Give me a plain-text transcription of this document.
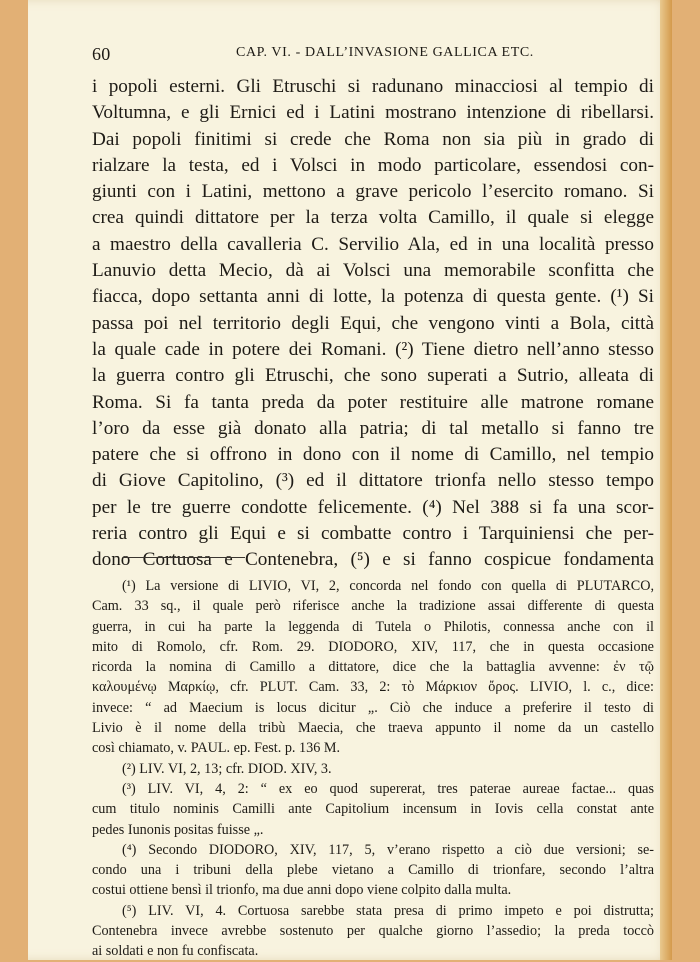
60	CAP. VI. - DALL’INVASIONE GALLICA ETC.
i popoli esterni. Gli Etruschi si radunano minacciosi al tempio di
Voltumna, e gli Ernici ed i Latini mostrano intenzione di ribellarsi.
Dai popoli finitimi si crede che Roma non sia più in grado di
rialzare la testa, ed i Volsci in modo particolare, essendosi con-
giunti con i Latini, mettono a grave pericolo l’esercito romano. Si
crea quindi dittatore per la terza volta Camillo, il quale si elegge
a maestro della cavalleria C. Servilio Ala, ed in una località presso
Lanuvio detta Mecio, dà ai Volsci una memorabile sconfitta che
fiacca, dopo settanta anni di lotte, la potenza di questa gente. (¹) Si
passa poi nel territorio degli Equi, che vengono vinti a Bola, città
la quale cade in potere dei Romani. (²) Tiene dietro nell’anno stesso
la guerra contro gli Etruschi, che sono superati a Sutrio, alleata di
Roma. Si fa tanta preda da poter restituire alle matrone romane
l’oro da esse già donato alla patria; di tal metallo si fanno tre
patere che si offrono in dono con il nome di Camillo, nel tempio
di Giove Capitolino, (³) ed il dittatore trionfa nello stesso tempo
per le tre guerre condotte felicemente. (⁴) Nel 388 si fa una scor-
reria contro gli Equi e si combatte contro i Tarquiniensi che per-
dono Cortuosa e Contenebra, (⁵) e si fanno cospicue fondamenta
(¹) La versione di LIVIO, VI, 2, concorda nel fondo con quella di PLUTARCO,
Cam. 33 sq., il quale però riferisce anche la tradizione assai differente di questa
guerra, in cui ha parte la leggenda di Tutela o Philotis, connessa anche con il
mito di Romolo, cfr. Rom. 29. DIODORO, XIV, 117, che in questa occasione
ricorda la nomina di Camillo a dittatore, dice che la battaglia avvenne: ἐν τῷ
καλουμένῳ Μαρκίῳ, cfr. PLUT. Cam. 33, 2: τὸ Μάρκιον ὄρος. LIVIO, l. c., dice:
invece: “ ad Maecium is locus dicitur „. Ciò che induce a preferire il testo di
Livio è il nome della tribù Maecia, che traeva appunto il nome da un castello
così chiamato, v. PAUL. ep. Fest. p. 136 M.
(²) LIV. VI, 2, 13; cfr. DIOD. XIV, 3.
(³) LIV. VI, 4, 2: “ ex eo quod supererat, tres paterae aureae factae... quas
cum titulo nominis Camilli ante Capitolium incensum in Iovis cella constat ante
pedes Iunonis positas fuisse „.
(⁴) Secondo DIODORO, XIV, 117, 5, v’erano rispetto a ciò due versioni; se-
condo una i tribuni della plebe vietano a Camillo di trionfare, secondo l’altra
costui ottiene bensì il trionfo, ma due anni dopo viene colpito dalla multa.
(⁵) LIV. VI, 4. Cortuosa sarebbe stata presa di primo impeto e poi distrutta;
Contenebra invece avrebbe sostenuto per qualche giorno l’assedio; la preda toccò
ai soldati e non fu confiscata.
